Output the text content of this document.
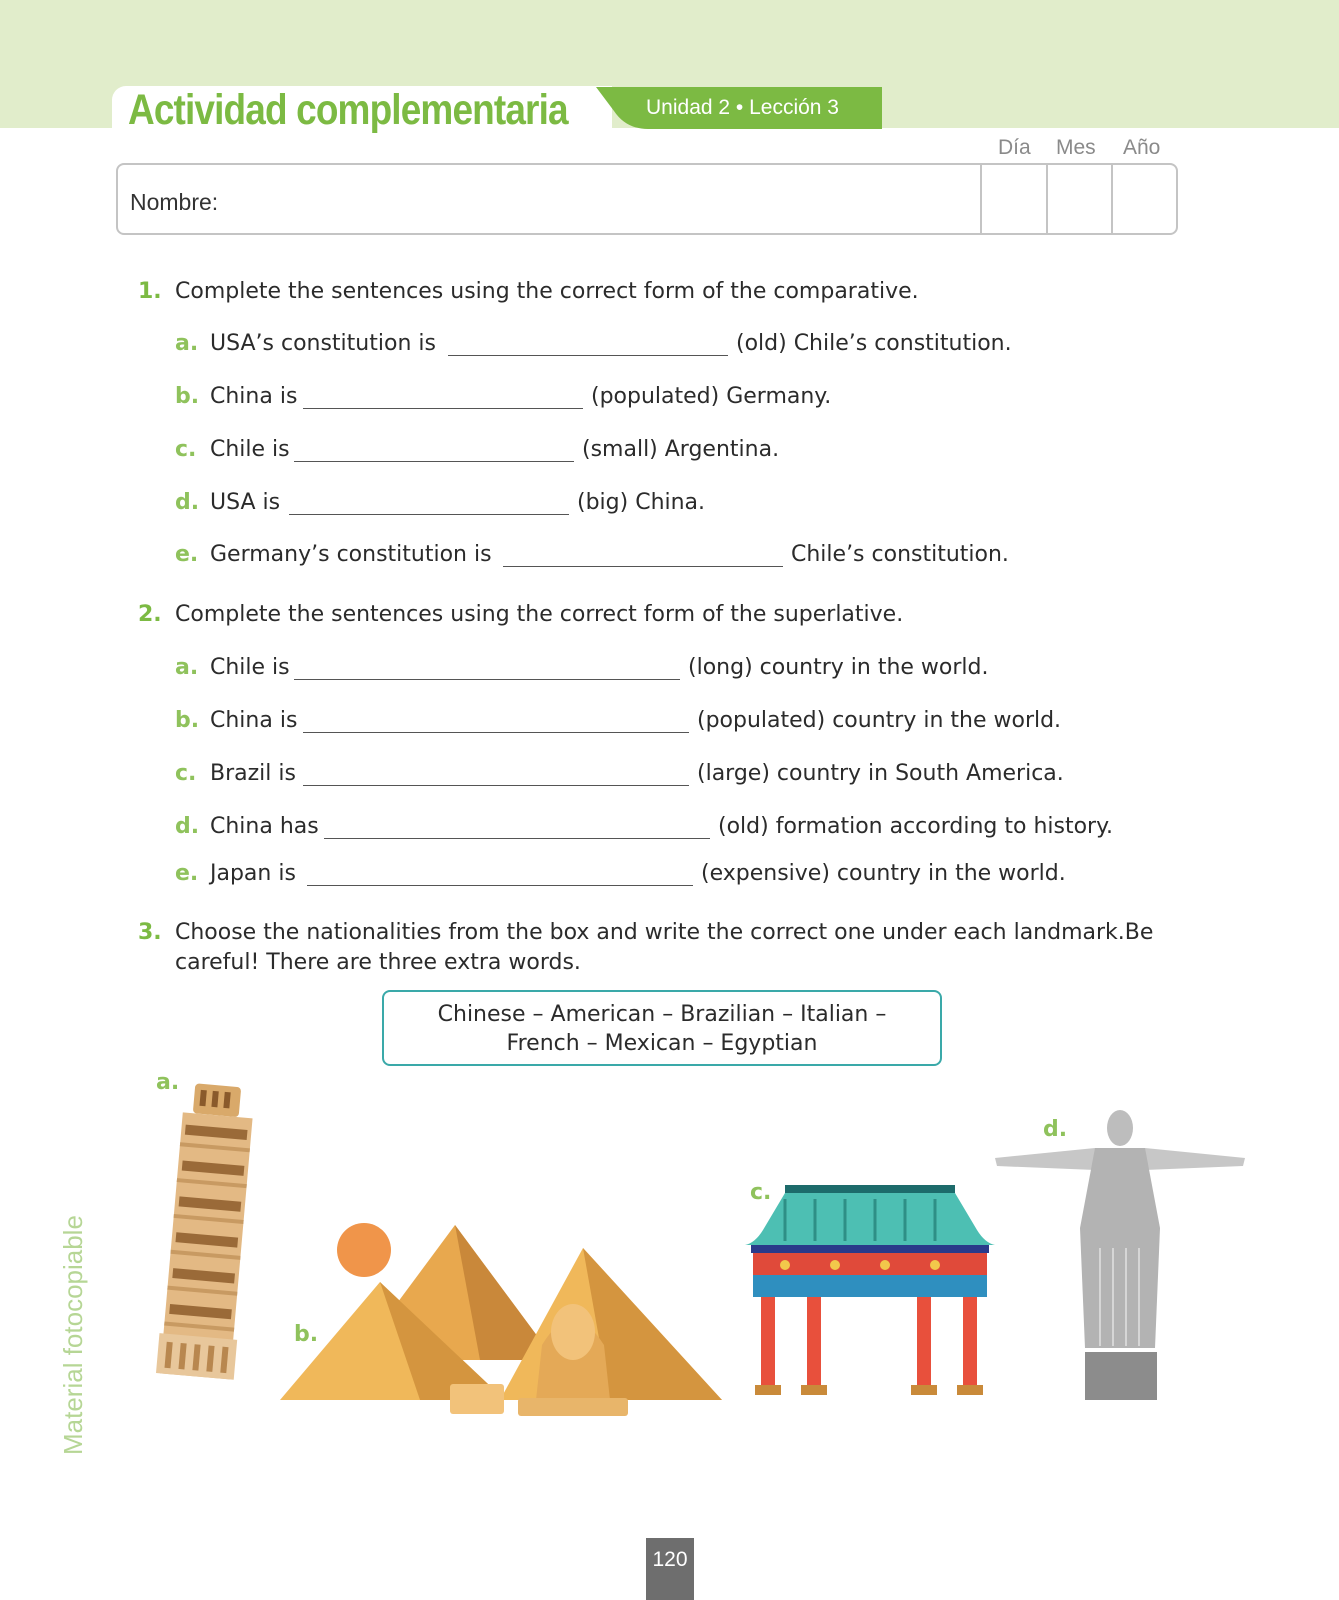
Actividad complementaria	Unidad 2 • Lección 3
Día Mes Año
Nombre:
1. Complete the sentences using the correct form of the comparative.
a. USA’s constitution is	(old) Chile’s constitution.
b. China is	(populated) Germany.
c. Chile is	(small) Argentina.
d. USA is	(big) China.
e. Germany’s constitution is	Chile’s constitution.
2. Complete the sentences using the correct form of the superlative.
a. Chile is	(long) country in the world.
b. China is	(populated) country in the world.
c. Brazil is	(large) country in South America.
d. China has	(old) formation according to history.
e. Japan is	(expensive) country in the world.
3. Choose the nationalities from the box and write the correct one under each landmark.Be careful! There are three extra words.
Chinese – American – Brazilian – Italian –
French – Mexican – Egyptian
a.
b.
c.
d.
Material fotocopiable
120
